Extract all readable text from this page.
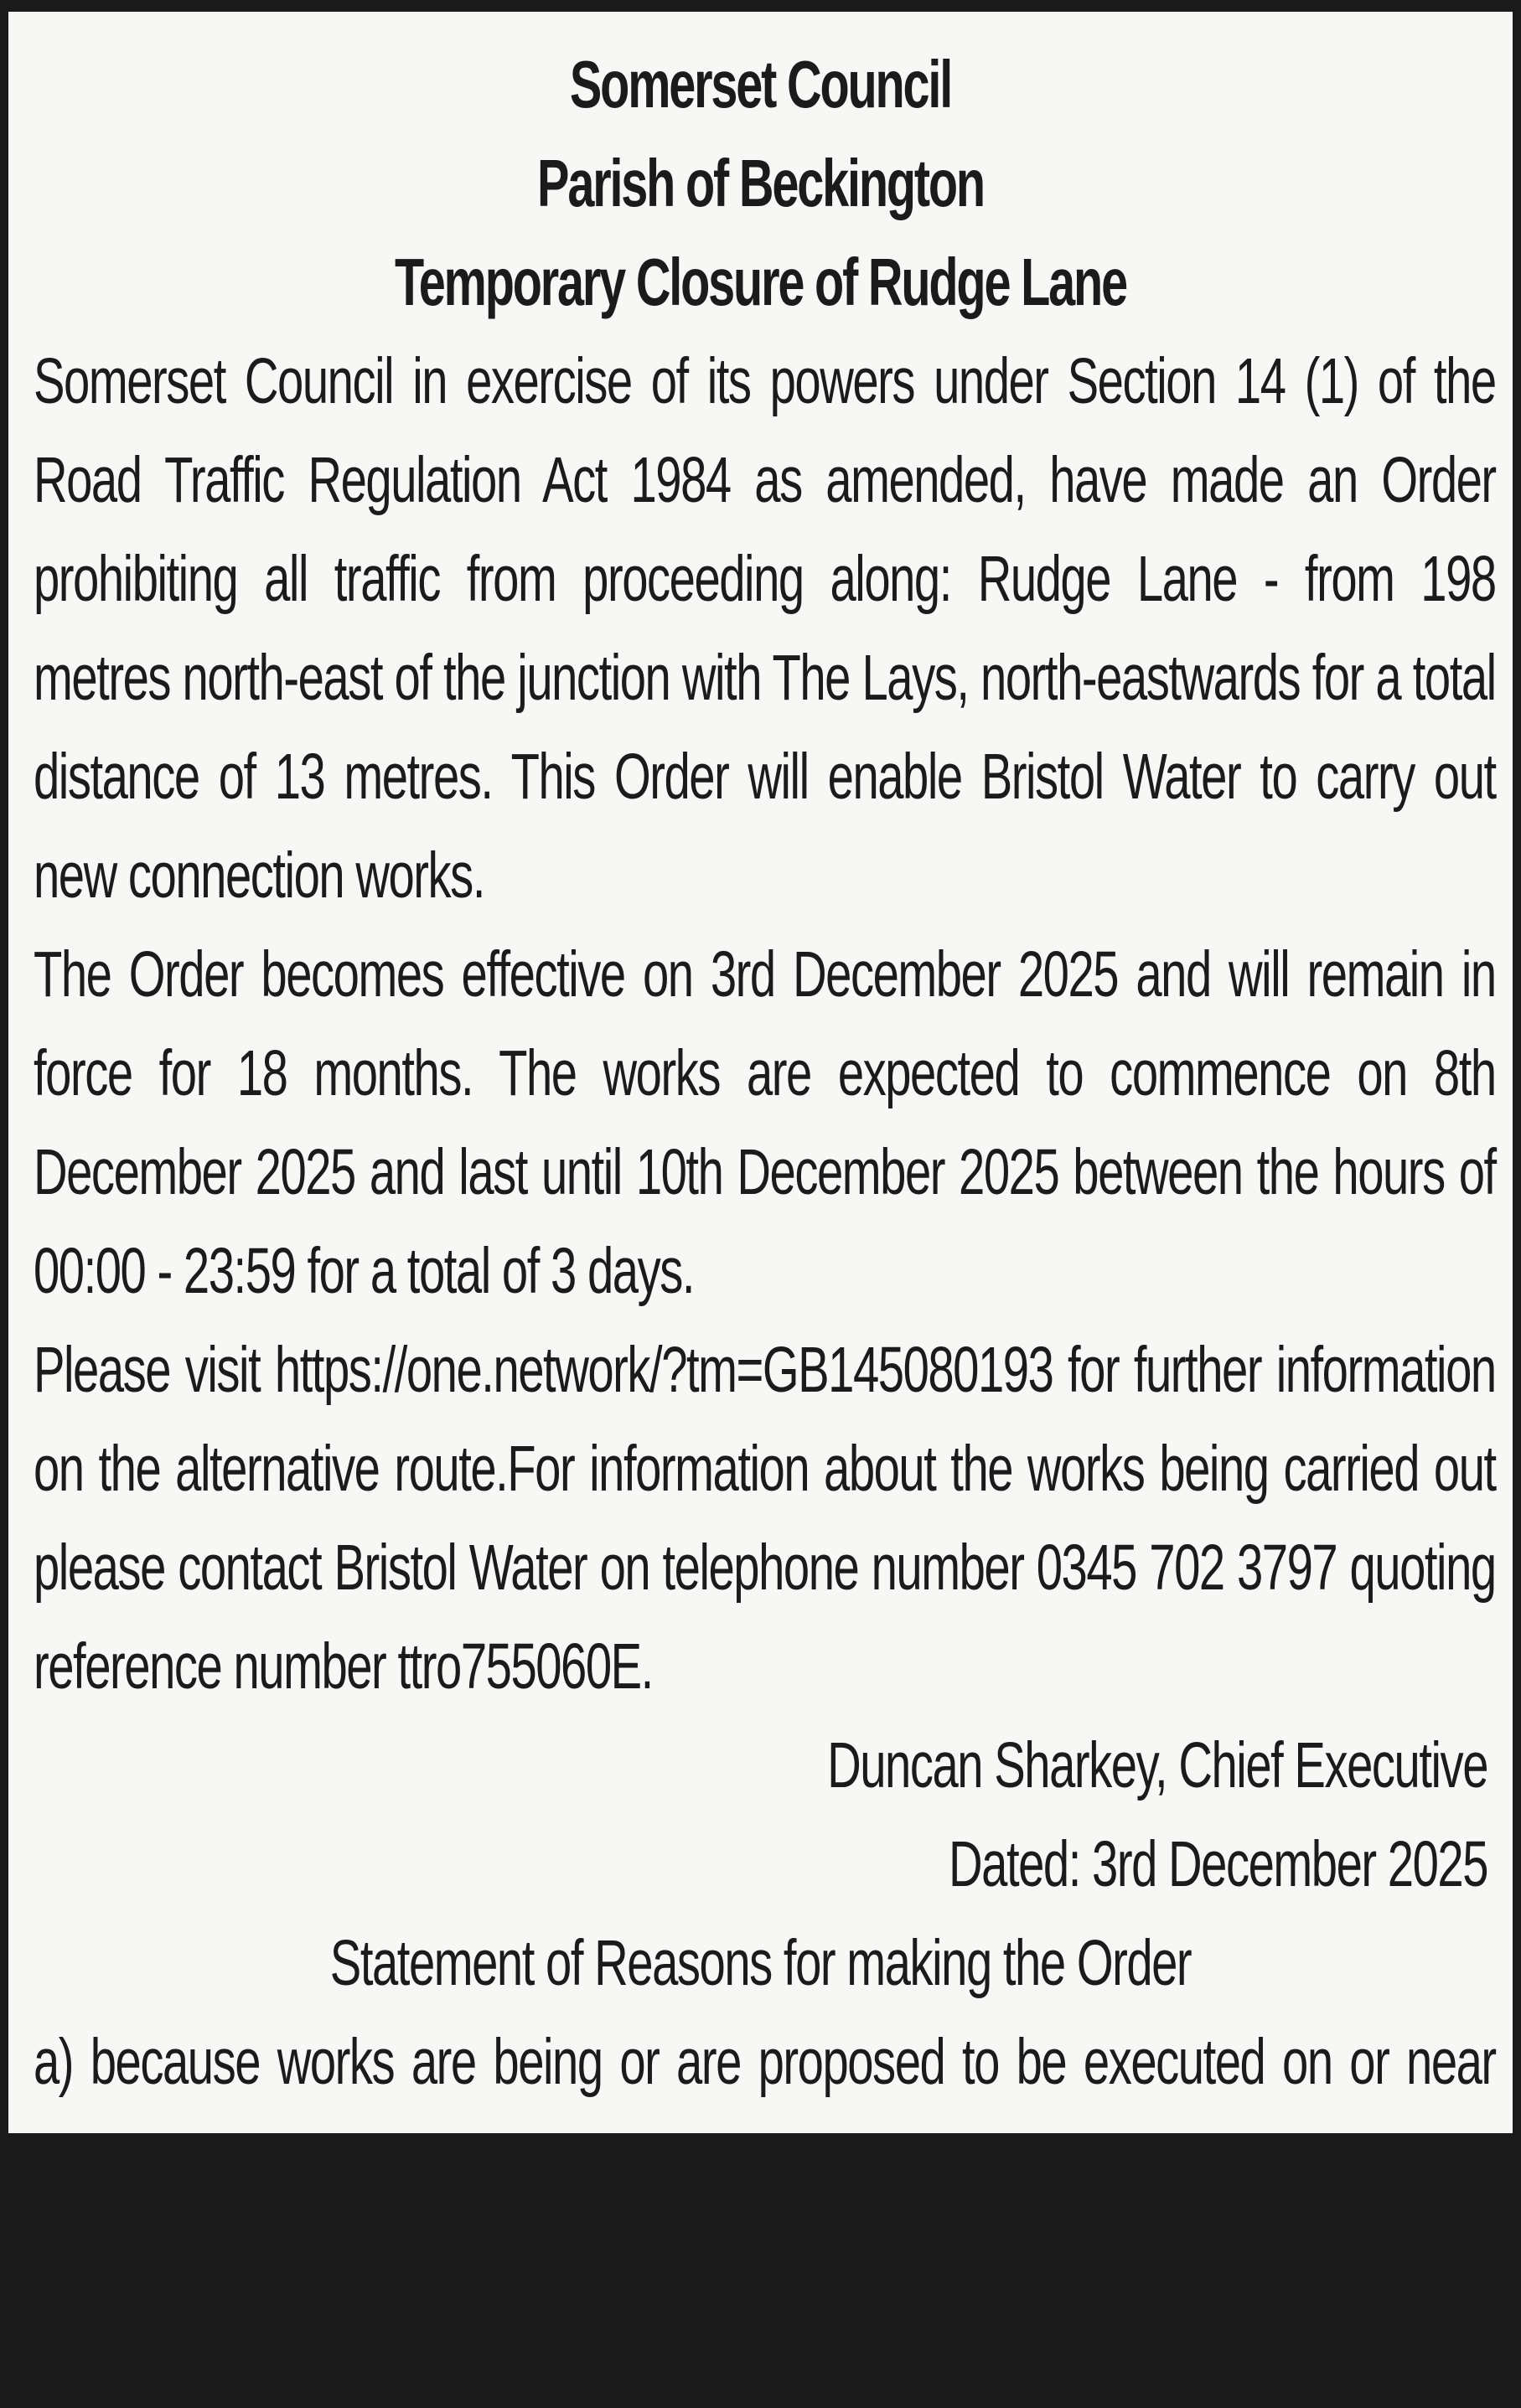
Somerset Council
Parish of Beckington
Temporary Closure of Rudge Lane

Somerset Council in exercise of its powers under Section 14 (1) of the Road Traffic Regulation Act 1984 as amended, have made an Order prohibiting all traffic from proceeding along: Rudge Lane - from 198 metres north-east of the junction with The Lays, north-eastwards for a total distance of 13 metres. This Order will enable Bristol Water to carry out new connection works.

The Order becomes effective on 3rd December 2025 and will remain in force for 18 months. The works are expected to commence on 8th December 2025 and last until 10th December 2025 between the hours of 00:00 - 23:59 for a total of 3 days.

Please visit https://one.network/?tm=GB145080193 for further information on the alternative route.For information about the works being carried out please contact Bristol Water on telephone number 0345 702 3797 quoting reference number ttro755060E.

Duncan Sharkey, Chief Executive
Dated: 3rd December 2025
Statement of Reasons for making the Order

a) because works are being or are proposed to be executed on or near the road; or

b) because of the likelihood of danger to the public, or of serious damage to the road, which is not attributable to such works.
